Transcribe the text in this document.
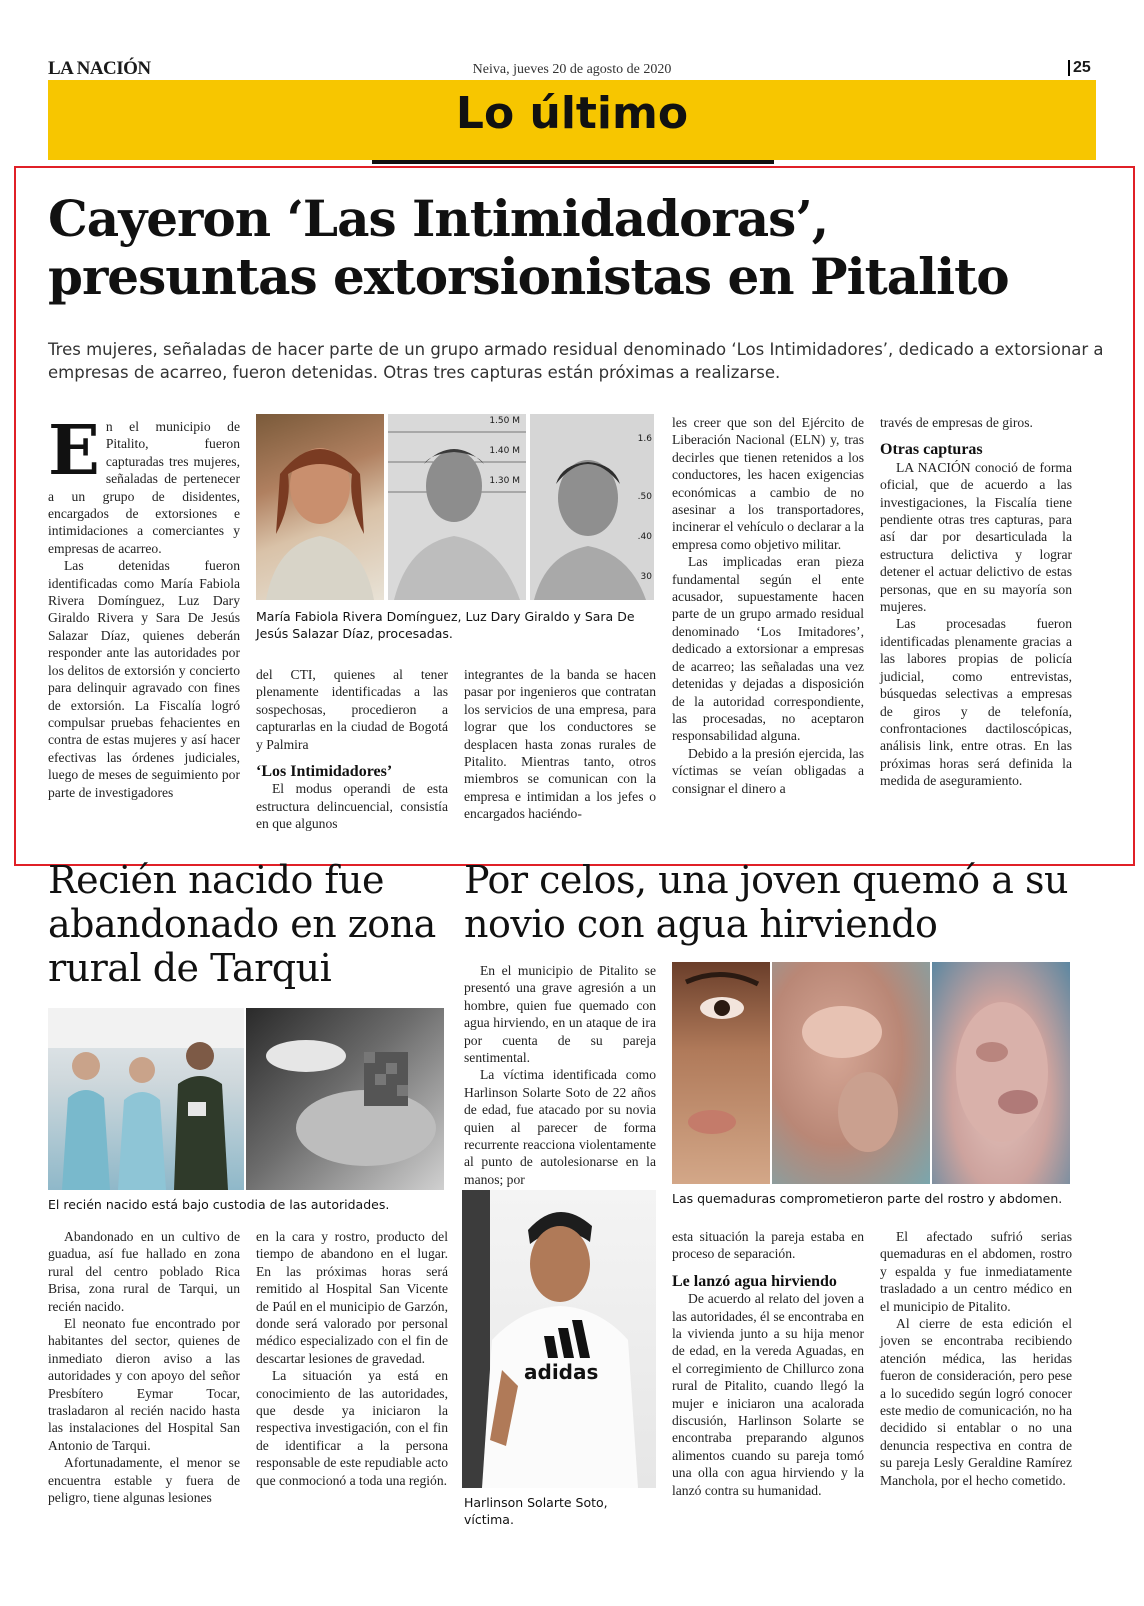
LA NACIÓN	Neiva, jueves 20 de agosto de 2020	25
Lo último
Cayeron ‘Las Intimidadoras’, presuntas extorsionistas en Pitalito
Tres mujeres, señaladas de hacer parte de un grupo armado residual denominado ‘Los Intimidadores’, dedicado a extorsionar a empresas de acarreo, fueron detenidas. Otras tres capturas están próximas a realizarse.
E n el municipio de Pitalito, fueron capturadas tres mujeres, señaladas de pertenecer a un grupo de disidentes, encargados de extorsiones e intimidaciones a comerciantes y empresas de acarreo.

Las detenidas fueron identificadas como María Fabiola Rivera Domínguez, Luz Dary Giraldo Rivera y Sara De Jesús Salazar Díaz, quienes deberán responder ante las autoridades por los delitos de extorsión y concierto para delinquir agravado con fines de extorsión. La Fiscalía logró compulsar pruebas fehacientes en contra de estas mujeres y así hacer efectivas las órdenes judiciales, luego de meses de seguimiento por parte de investigadores

1.50 M
1.40 M
1.30 M
1.6
.50
.40
30
María Fabiola Rivera Domínguez, Luz Dary Giraldo y Sara De Jesús Salazar Díaz, procesadas.

del CTI, quienes al tener plenamente identificadas a las sospechosas, procedieron a capturarlas en la ciudad de Bogotá y Palmira

‘Los Intimidadores’

El modus operandi de esta estructura delincuencial, consistía en que algunos

integrantes de la banda se hacen pasar por ingenieros que contratan los servicios de una empresa, para lograr que los conductores se desplacen hasta zonas rurales de Pitalito. Mientras tanto, otros miembros se comunican con la empresa e intimidan a los jefes o encargados haciéndo-

les creer que son del Ejército de Liberación Nacional (ELN) y, tras decirles que tienen retenidos a los conductores, les hacen exigencias económicas a cambio de no asesinar a los transportadores, incinerar el vehículo o declarar a la empresa como objetivo militar.

Las implicadas eran pieza fundamental según el ente acusador, supuestamente hacen parte de un grupo armado residual denominado ‘Los Imitadores’, dedicado a extorsionar a empresas de acarreo; las señaladas una vez detenidas y dejadas a disposición de la autoridad correspondiente, las procesadas, no aceptaron responsabilidad alguna.

Debido a la presión ejercida, las víctimas se veían obligadas a consignar el dinero a

través de empresas de giros.

Otras capturas

LA NACIÓN conoció de forma oficial, que de acuerdo a las investigaciones, la Fiscalía tiene pendiente otras tres capturas, para así dar por desarticulada la estructura delictiva y lograr detener el actuar delictivo de estas personas, que en su mayoría son mujeres.

Las procesadas fueron identificadas plenamente gracias a las labores propias de policía judicial, como entrevistas, búsquedas selectivas a empresas de giros y de telefonía, confrontaciones dactiloscópicas, análisis link, entre otras. En las próximas horas será definida la medida de aseguramiento.

Recién nacido fue abandonado en zona rural de Tarqui
El recién nacido está bajo custodia de las autoridades.

Abandonado en un cultivo de guadua, así fue hallado en zona rural del centro poblado Rica Brisa, zona rural de Tarqui, un recién nacido.

El neonato fue encontrado por habitantes del sector, quienes de inmediato dieron aviso a las autoridades y con apoyo del señor Presbítero Eymar Tocar, trasladaron al recién nacido hasta las instalaciones del Hospital San Antonio de Tarqui.

Afortunadamente, el menor se encuentra estable y fuera de peligro, tiene algunas lesiones

en la cara y rostro, producto del tiempo de abandono en el lugar. En las próximas horas será remitido al Hospital San Vicente de Paúl en el municipio de Garzón, donde será valorado por personal médico especializado con el fin de descartar lesiones de gravedad.

La situación ya está en conocimiento de las autoridades, que desde ya iniciaron la respectiva investigación, con el fin de identificar a la persona responsable de este repudiable acto que conmocionó a toda una región.

Por celos, una joven quemó a su novio con agua hirviendo

En el municipio de Pitalito se presentó una grave agresión a un hombre, quien fue quemado con agua hirviendo, en un ataque de ira por cuenta de su pareja sentimental.

La víctima identificada como Harlinson Solarte Soto de 22 años de edad, fue atacado por su novia quien al parecer de forma recurrente reacciona violentamente al punto de autolesionarse en la manos; por

Las quemaduras comprometieron parte del rostro y abdomen.
adidas
Harlinson Solarte Soto, víctima.

esta situación la pareja estaba en proceso de separación.

Le lanzó agua hirviendo

De acuerdo al relato del joven a las autoridades, él se encontraba en la vivienda junto a su hija menor de edad, en la vereda Aguadas, en el corregimiento de Chillurco zona rural de Pitalito, cuando llegó la mujer e iniciaron una acalorada discusión, Harlinson Solarte se encontraba preparando algunos alimentos cuando su pareja tomó una olla con agua hirviendo y la lanzó contra su humanidad.

El afectado sufrió serias quemaduras en el abdomen, rostro y espalda y fue inmediatamente trasladado a un centro médico en el municipio de Pitalito.

Al cierre de esta edición el joven se encontraba recibiendo atención médica, las heridas fueron de consideración, pero pese a lo sucedido según logró conocer este medio de comunicación, no ha decidido si entablar o no una denuncia respectiva en contra de su pareja Lesly Geraldine Ramírez Manchola, por el hecho cometido.
